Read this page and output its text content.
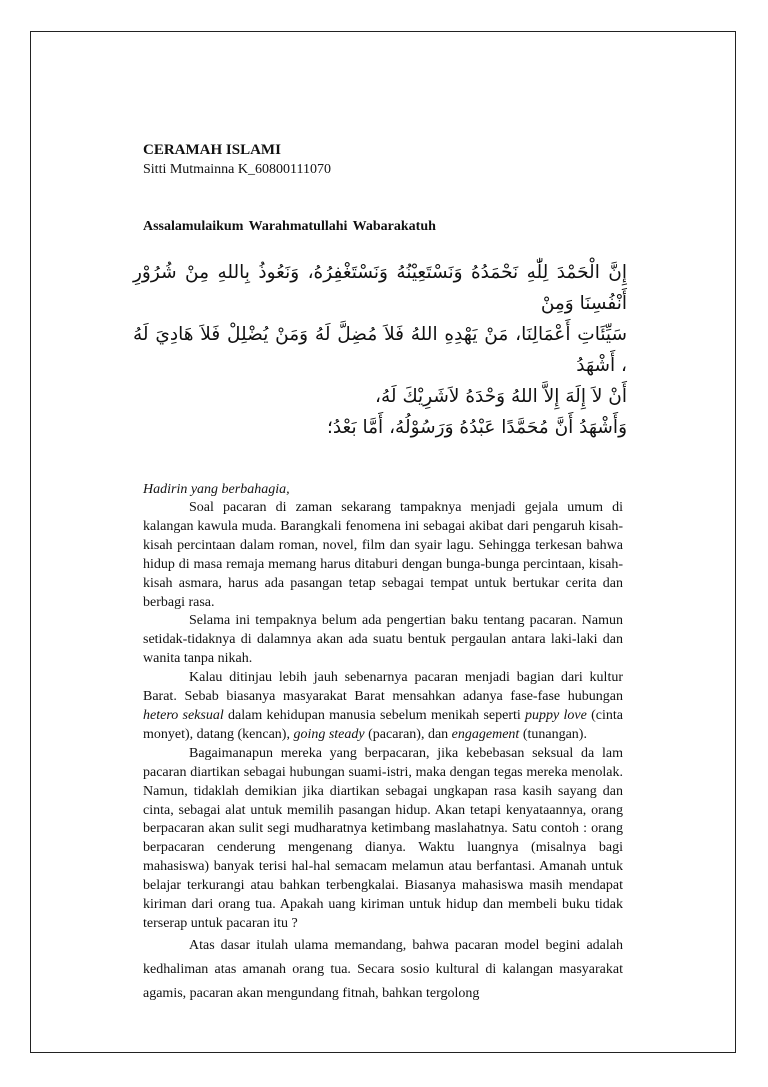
CERAMAH ISLAMI

Sitti Mutmainna K_60800111070

Assalamulaikum Warahmatullahi Wabarakatuh

إِنَّ الْحَمْدَ لِلّٰهِ نَحْمَدُهُ وَنَسْتَعِيْنُهُ وَنَسْتَغْفِرُهُ، وَنَعُوذُ بِاللهِ مِنْ شُرُوْرِ أَنْفُسِنَا وَمِنْ
سَيِّئَاتِ أَعْمَالِنَا، مَنْ يَهْدِهِ اللهُ فَلاَ مُضِلَّ لَهُ وَمَنْ يُضْلِلْ فَلاَ هَادِيَ لَهُ ، أَشْهَدُ
أَنْ لاَ إِلَهَ إِلاَّ اللهُ وَحْدَهُ لاَشَرِيْكَ لَهُ،
وَأَشْهَدُ أَنَّ مُحَمَّدًا عَبْدُهُ وَرَسُوْلُهُ، أَمَّا بَعْدُ؛

Hadirin yang berbahagia,

Soal pacaran di zaman sekarang tampaknya menjadi gejala umum di kalangan kawula muda. Barangkali fenomena ini sebagai akibat dari pengaruh kisah-kisah percintaan dalam roman, novel, film dan syair lagu. Sehingga terkesan bahwa hidup di masa remaja memang harus ditaburi dengan bunga-bunga percintaan, kisah-kisah asmara, harus ada pasangan tetap sebagai tempat untuk bertukar cerita dan berbagi rasa.

Selama ini tempaknya belum ada pengertian baku tentang pacaran. Namun setidak-tidaknya di dalamnya akan ada suatu bentuk pergaulan antara laki-laki dan wanita tanpa nikah.

Kalau ditinjau lebih jauh sebenarnya pacaran menjadi bagian dari kultur Barat. Sebab biasanya masyarakat Barat mensahkan adanya fase-fase hubungan hetero seksual dalam kehidupan manusia sebelum menikah seperti puppy love (cinta monyet), datang (kencan), going steady (pacaran), dan engagement (tunangan).

Bagaimanapun mereka yang berpacaran, jika kebebasan seksual da lam pacaran diartikan sebagai hubungan suami-istri, maka dengan tegas mereka menolak. Namun, tidaklah demikian jika diartikan sebagai ungkapan rasa kasih sayang dan cinta, sebagai alat untuk memilih pasangan hidup. Akan tetapi kenyataannya, orang berpacaran akan sulit segi mudharatnya ketimbang maslahatnya. Satu contoh : orang berpacaran cenderung mengenang dianya. Waktu luangnya (misalnya bagi mahasiswa) banyak terisi hal-hal semacam melamun atau berfantasi. Amanah untuk belajar terkurangi atau bahkan terbengkalai. Biasanya mahasiswa masih mendapat kiriman dari orang tua. Apakah uang kiriman untuk hidup dan membeli buku tidak terserap untuk pacaran itu ?

Atas dasar itulah ulama memandang, bahwa pacaran model begini adalah kedhaliman atas amanah orang tua. Secara sosio kultural di kalangan masyarakat agamis, pacaran akan mengundang fitnah, bahkan tergolong
